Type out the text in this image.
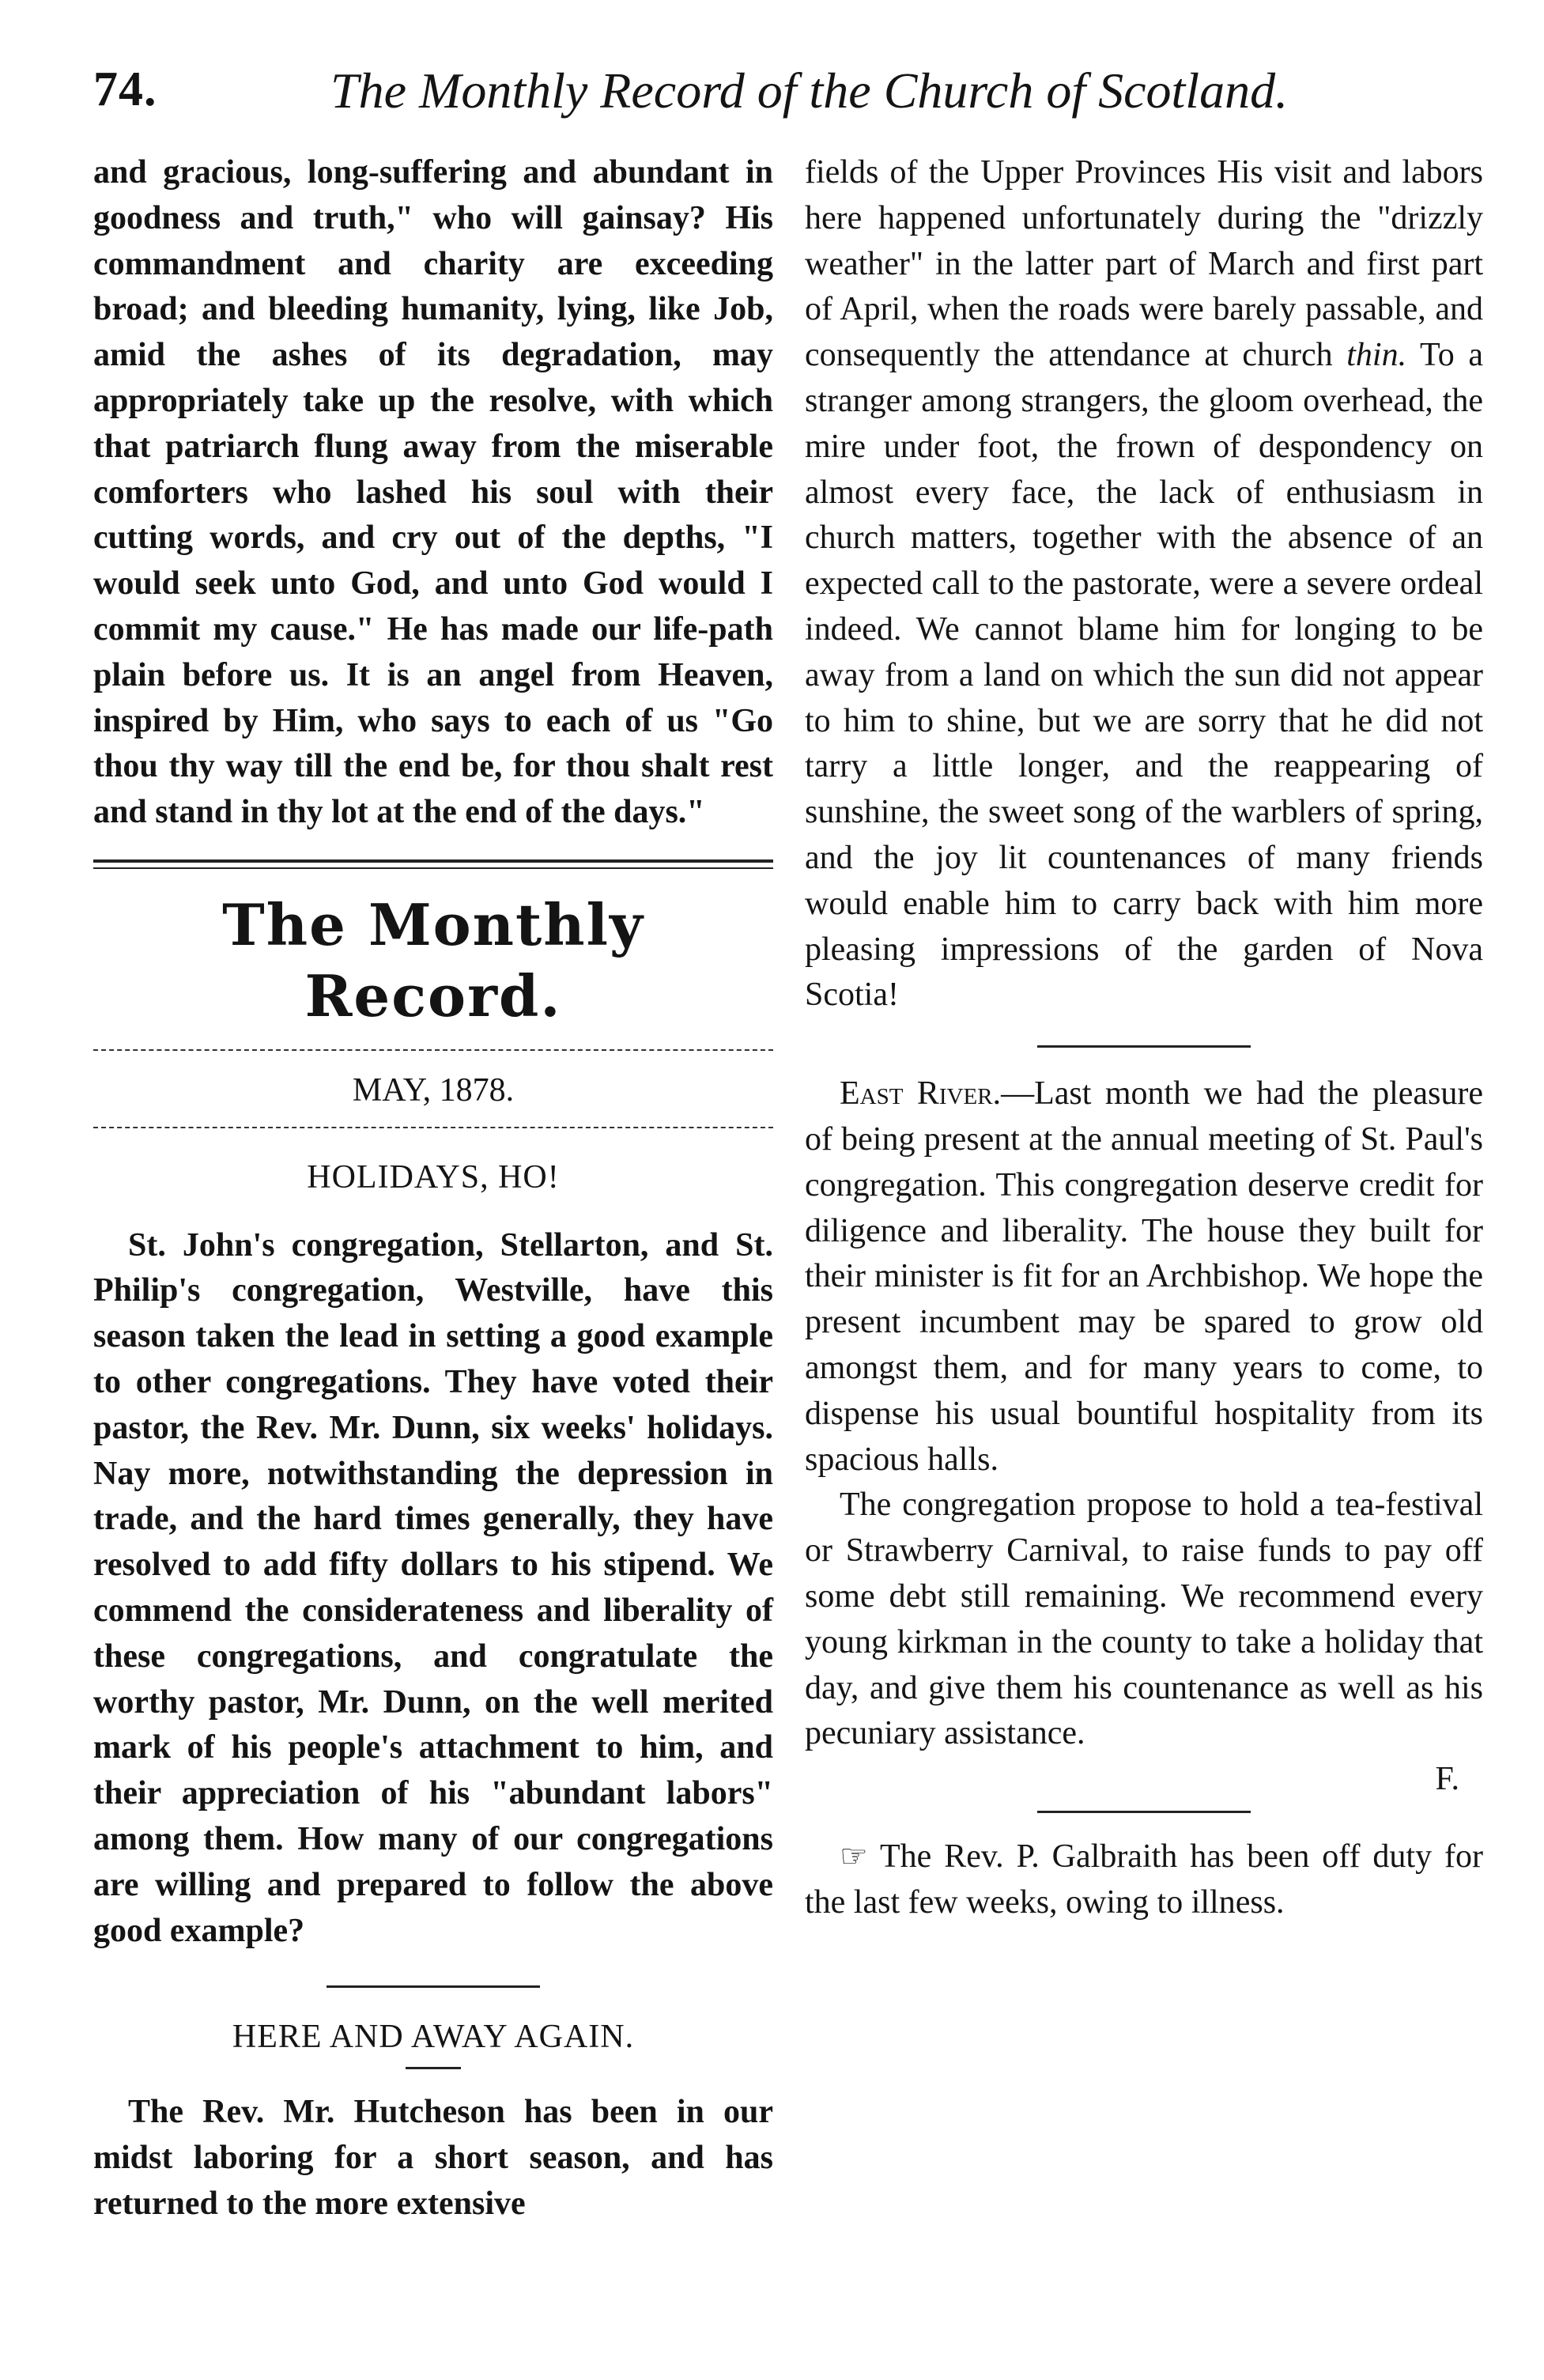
74.	The Monthly Record of the Church of Scotland.

and gracious, long-suffering and abundant in goodness and truth," who will gainsay? His commandment and charity are exceeding broad; and bleeding humanity, lying, like Job, amid the ashes of its degradation, may appropriately take up the resolve, with which that patriarch flung away from the miserable comforters who lashed his soul with their cutting words, and cry out of the depths, "I would seek unto God, and unto God would I commit my cause." He has made our life-path plain before us. It is an angel from Heaven, inspired by Him, who says to each of us "Go thou thy way till the end be, for thou shalt rest and stand in thy lot at the end of the days."

The Monthly Record.
MAY, 1878.
HOLIDAYS, HO!

St. John's congregation, Stellarton, and St. Philip's congregation, Westville, have this season taken the lead in setting a good example to other congregations. They have voted their pastor, the Rev. Mr. Dunn, six weeks' holidays. Nay more, notwithstanding the depression in trade, and the hard times generally, they have resolved to add fifty dollars to his stipend. We commend the considerateness and liberality of these congregations, and congratulate the worthy pastor, Mr. Dunn, on the well merited mark of his people's attachment to him, and their appreciation of his "abundant labors" among them. How many of our congregations are willing and prepared to follow the above good example?

HERE AND AWAY AGAIN.

The Rev. Mr. Hutcheson has been in our midst laboring for a short season, and has returned to the more extensive

fields of the Upper Provinces His visit and labors here happened unfortunately during the "drizzly weather" in the latter part of March and first part of April, when the roads were barely passable, and consequently the attendance at church thin. To a stranger among strangers, the gloom overhead, the mire under foot, the frown of despondency on almost every face, the lack of enthusiasm in church matters, together with the absence of an expected call to the pastorate, were a severe ordeal indeed. We cannot blame him for longing to be away from a land on which the sun did not appear to him to shine, but we are sorry that he did not tarry a little longer, and the reappearing of sunshine, the sweet song of the warblers of spring, and the joy lit countenances of many friends would enable him to carry back with him more pleasing impressions of the garden of Nova Scotia!

East River.—Last month we had the pleasure of being present at the annual meeting of St. Paul's congregation. This congregation deserve credit for diligence and liberality. The house they built for their minister is fit for an Archbishop. We hope the present incumbent may be spared to grow old amongst them, and for many years to come, to dispense his usual bountiful hospitality from its spacious halls.

The congregation propose to hold a tea-festival or Strawberry Carnival, to raise funds to pay off some debt still remaining. We recommend every young kirkman in the county to take a holiday that day, and give them his countenance as well as his pecuniary assistance.

F.

☞ The Rev. P. Galbraith has been off duty for the last few weeks, owing to illness.
